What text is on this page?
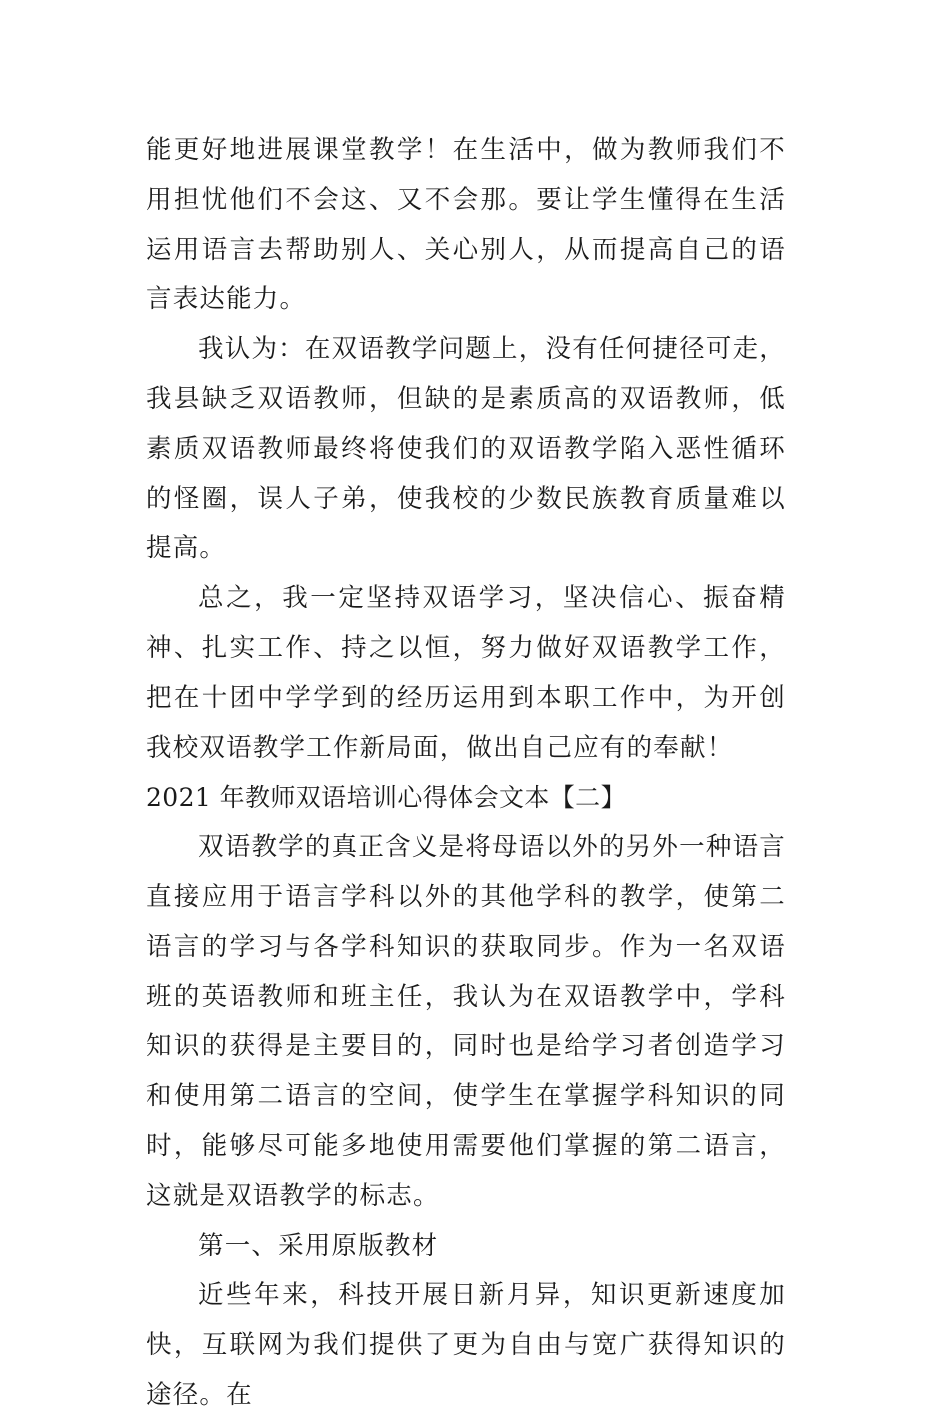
能更好地进展课堂教学！在生活中，做为教师我们不用担忧他们不会这、又不会那。要让学生懂得在生活运用语言去帮助别人、关心别人，从而提高自己的语言表达能力。

我认为：在双语教学问题上，没有任何捷径可走，我县缺乏双语教师，但缺的是素质高的双语教师，低素质双语教师最终将使我们的双语教学陷入恶性循环的怪圈，误人子弟，使我校的少数民族教育质量难以提高。

总之，我一定坚持双语学习，坚决信心、振奋精神、扎实工作、持之以恒，努力做好双语教学工作，把在十团中学学到的经历运用到本职工作中，为开创我校双语教学工作新局面，做出自己应有的奉献！

2021 年教师双语培训心得体会文本【二】

双语教学的真正含义是将母语以外的另外一种语言直接应用于语言学科以外的其他学科的教学，使第二语言的学习与各学科知识的获取同步。作为一名双语班的英语教师和班主任，我认为在双语教学中，学科知识的获得是主要目的，同时也是给学习者创造学习和使用第二语言的空间，使学生在掌握学科知识的同时，能够尽可能多地使用需要他们掌握的第二语言，这就是双语教学的标志。

第一、采用原版教材

近些年来，科技开展日新月异，知识更新速度加快，互联网为我们提供了更为自由与宽广获得知识的途径。在
